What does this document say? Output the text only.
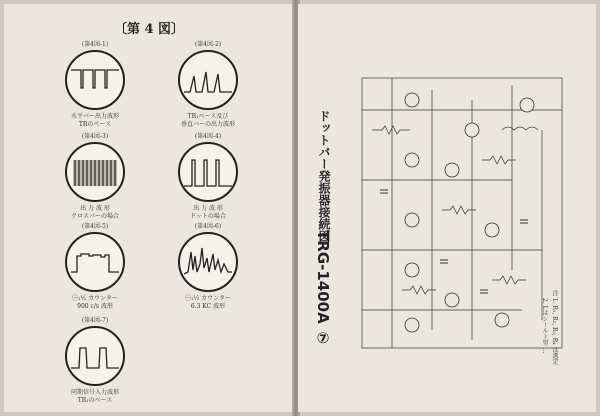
〔第 4 図〕
(第4図-1)
水平バー出力波形
TRのベース
(第4図-2)
TR₁ベース及び
垂直バーの出力波形
(第4図-3)
出 力 波 形
クロスバーの場合
(第4図-4)
出 力 波 形
ドットの場合
(第4図-5)
㊀₁¹⁄₂ カウンター
900 c/s 波形
(第4図-6)
㊀₁¹⁄₂ カウンター
6.3 KC 波形
(第4図-7)
同期信号入力波形
TR₁のベース
ドットバー発振器接続図
TRG-1400A ⑦	注 1. R₁, R₂, R₃, R₄ は選定
2. Lはシールド型 …
